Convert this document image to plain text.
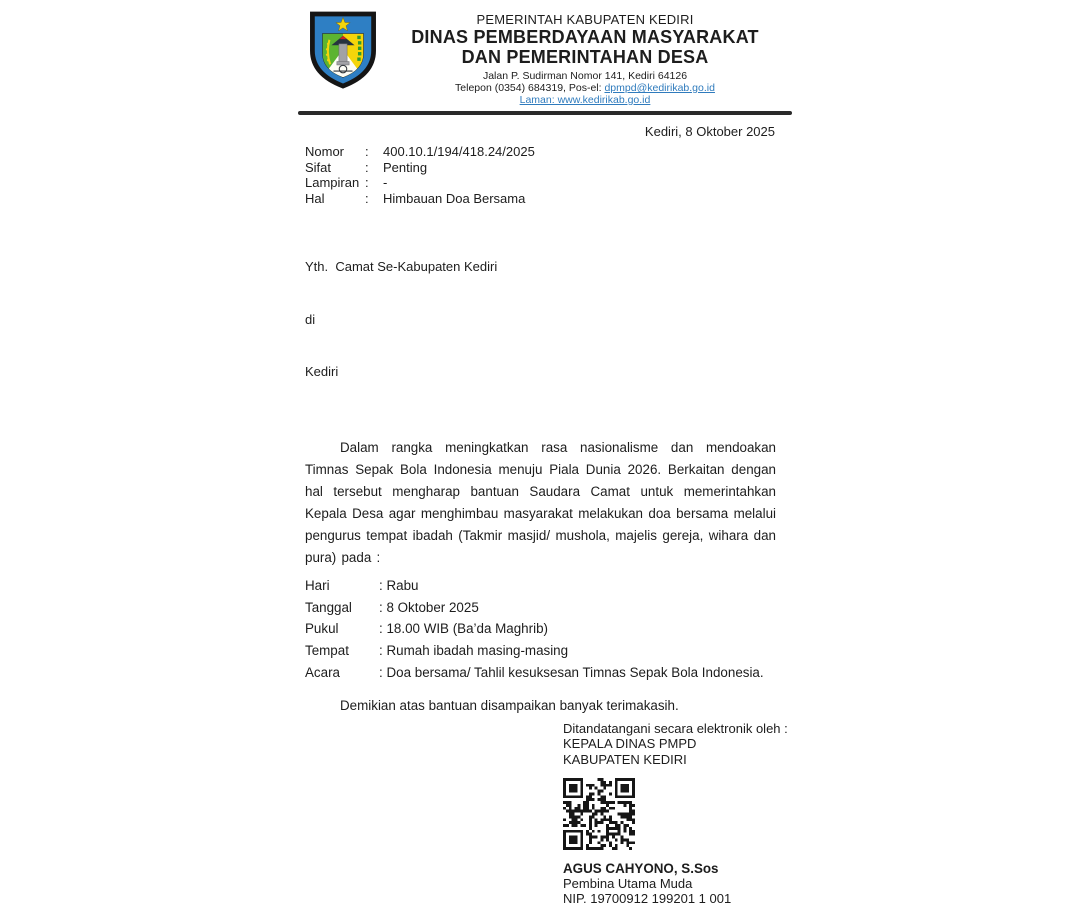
PEMERINTAH KABUPATEN KEDIRI
DINAS PEMBERDAYAAN MASYARAKAT
DAN PEMERINTAHAN DESA
Jalan P. Sudirman Nomor 141, Kediri 64126
Telepon (0354) 684319, Pos-el: dpmpd@kedirikab.go.id
Laman: www.kedirikab.go.id
Kediri, 8 Oktober 2025
Nomor	:	400.10.1/194/418.24/2025
Sifat	:	Penting
Lampiran :	-
Hal	:	Himbauan Doa Bersama

Yth.  Camat Se-Kabupaten Kediri

di

Kediri

Dalam rangka meningkatkan rasa nasionalisme dan mendoakan Timnas Sepak Bola Indonesia menuju Piala Dunia 2026. Berkaitan dengan hal tersebut mengharap bantuan Saudara Camat untuk memerintahkan Kepala Desa agar menghimbau masyarakat melakukan doa bersama melalui pengurus tempat ibadah (Takmir masjid/ mushola, majelis gereja, wihara dan pura) pada :
Hari	: Rabu
Tanggal	: 8 Oktober 2025
Pukul	: 18.00 WIB (Ba’da Maghrib)
Tempat	: Rumah ibadah masing-masing
Acara	: Doa bersama/ Tahlil kesuksesan Timnas Sepak Bola Indonesia.
Demikian atas bantuan disampaikan banyak terimakasih.
Ditandatangani secara elektronik oleh :
KEPALA DINAS PMPD
KABUPATEN KEDIRI
AGUS CAHYONO, S.Sos
Pembina Utama Muda
NIP. 19700912 199201 1 001
